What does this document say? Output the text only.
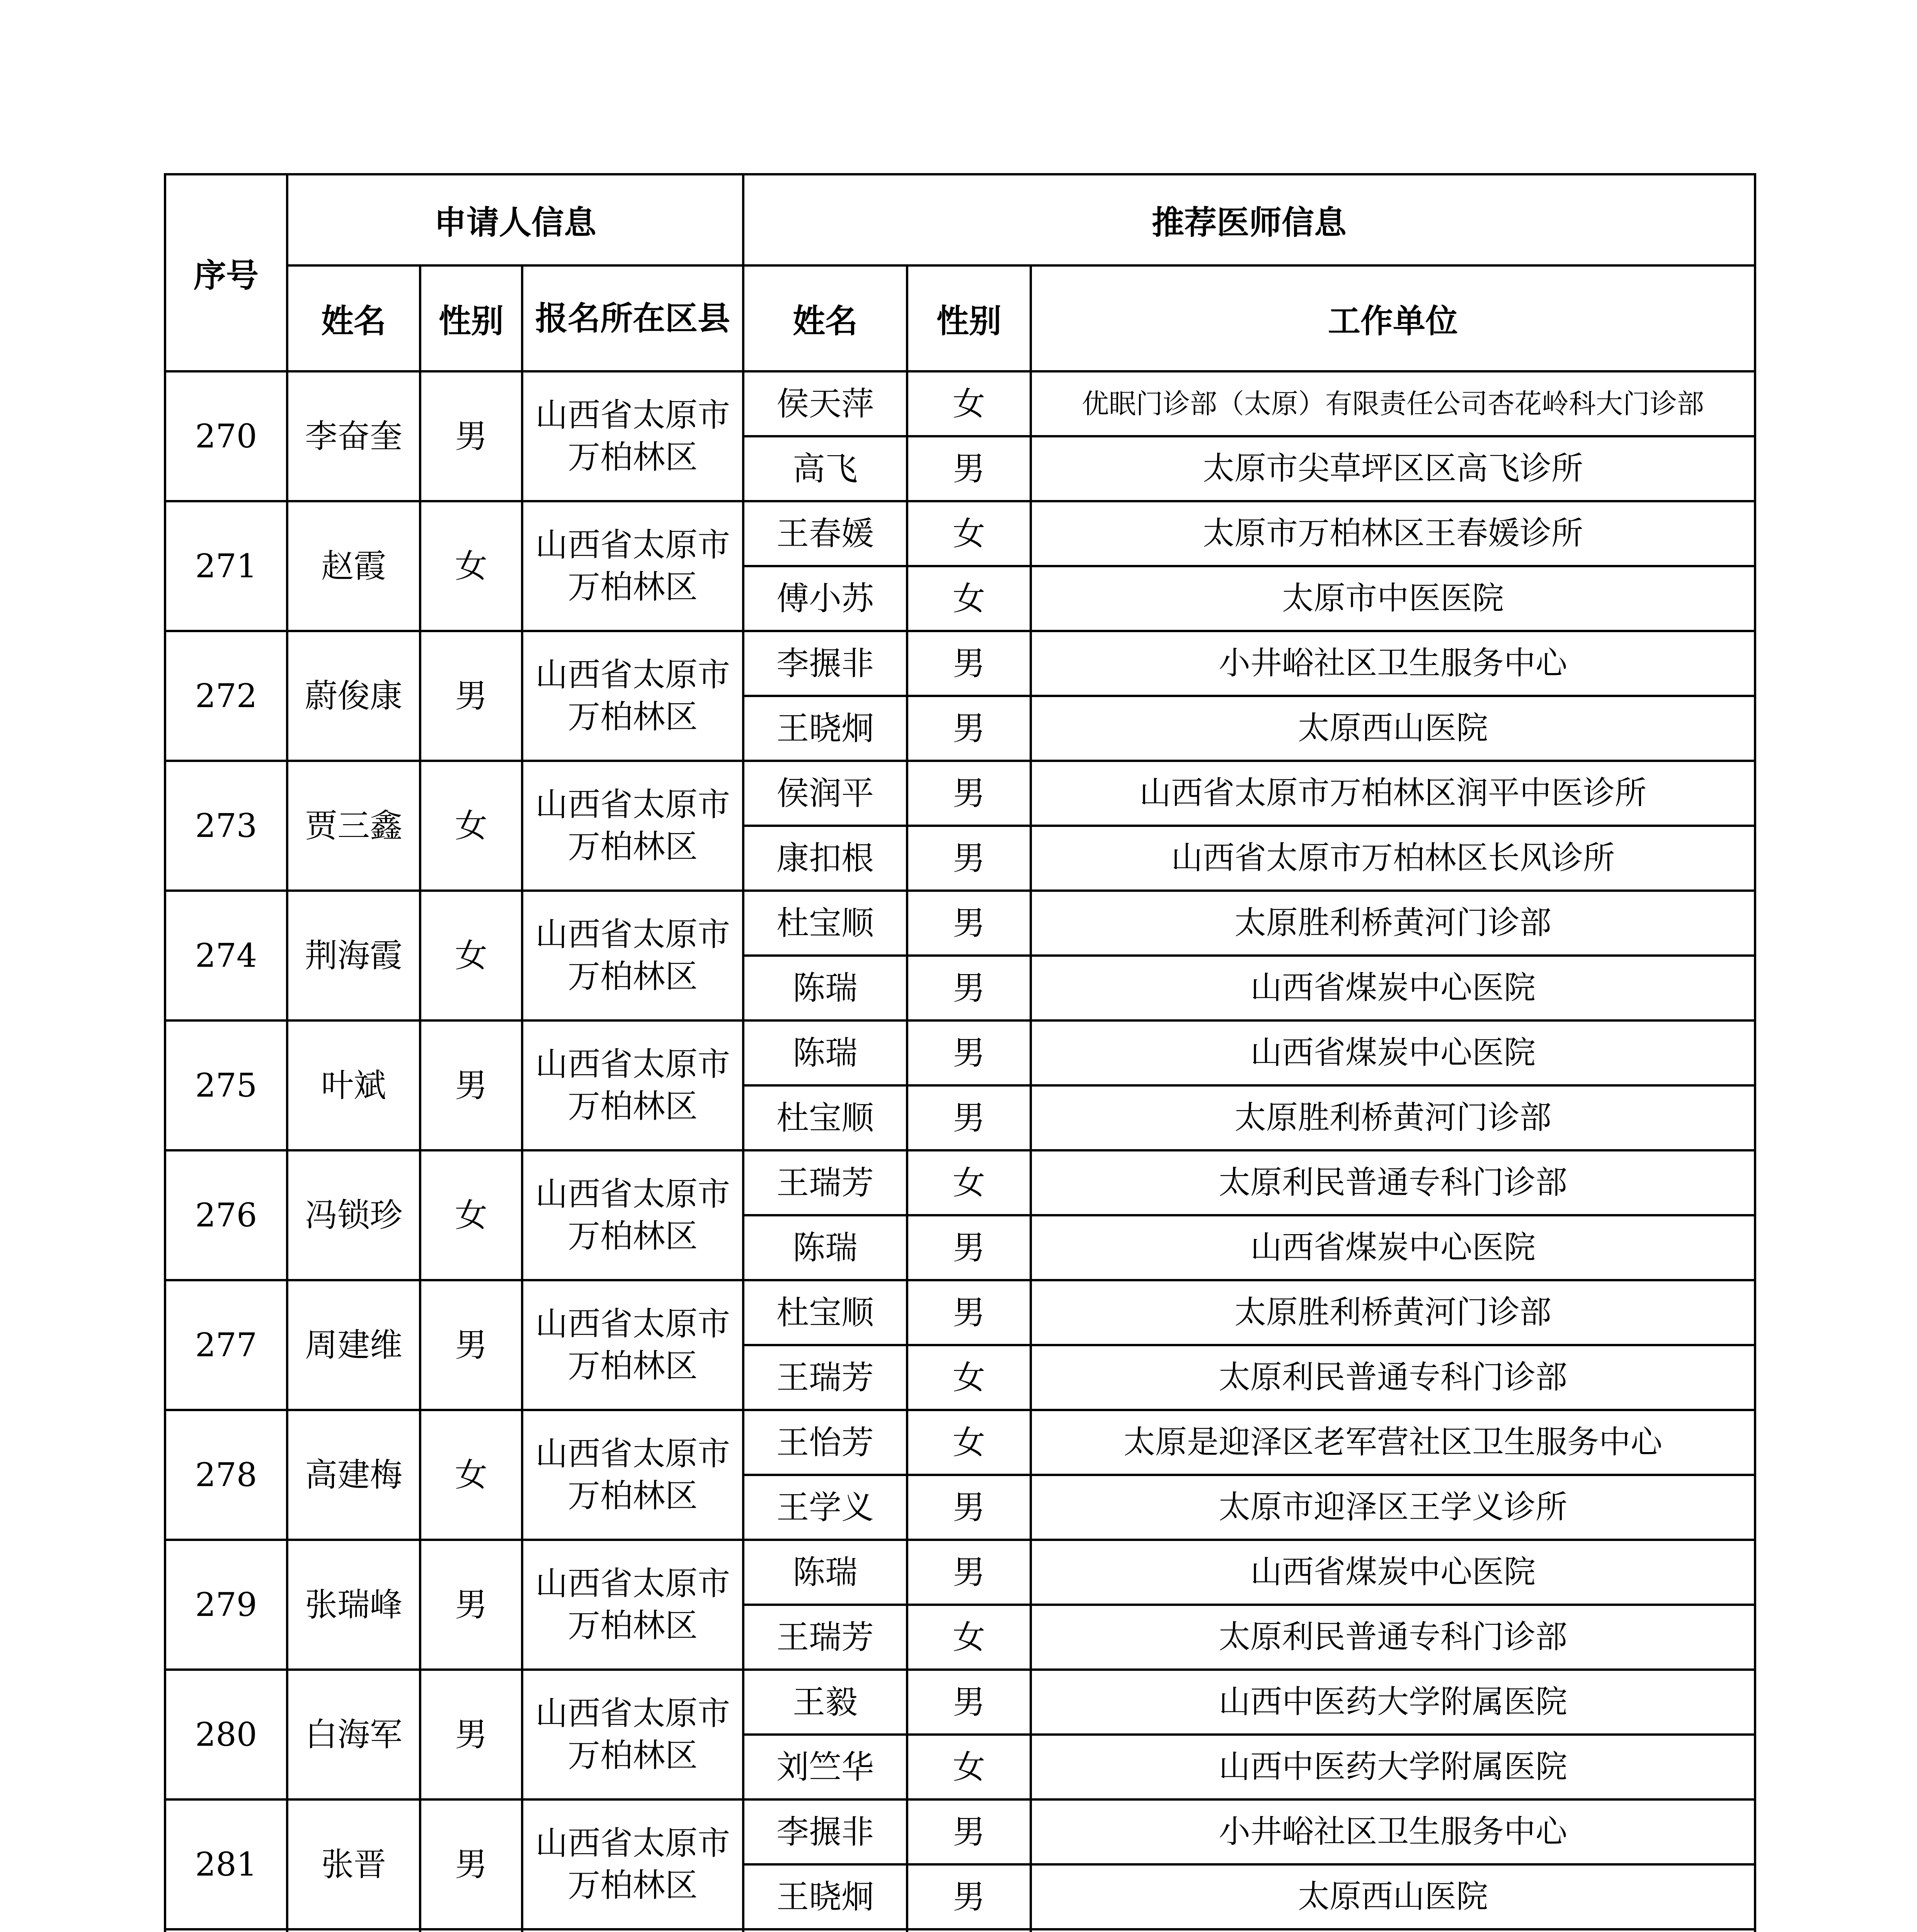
序号	申请人信息			推荐医师信息		
	姓名	性别	报名所在区县	姓名	性别	工作单位
270	李奋奎	男	山西省太原市万柏林区	侯天萍	女	优眠门诊部（太原）有限责任公司杏花岭科大门诊部
				高飞	男	太原市尖草坪区区高飞诊所
271	赵霞	女	山西省太原市万柏林区	王春媛	女	太原市万柏林区王春媛诊所
				傅小苏	女	太原市中医医院
272	蔚俊康	男	山西省太原市万柏林区	李搌非	男	小井峪社区卫生服务中心
				王晓炯	男	太原西山医院
273	贾三鑫	女	山西省太原市万柏林区	侯润平	男	山西省太原市万柏林区润平中医诊所
				康扣根	男	山西省太原市万柏林区长风诊所
274	荆海霞	女	山西省太原市万柏林区	杜宝顺	男	太原胜利桥黄河门诊部
				陈瑞	男	山西省煤炭中心医院
275	叶斌	男	山西省太原市万柏林区	陈瑞	男	山西省煤炭中心医院
				杜宝顺	男	太原胜利桥黄河门诊部
276	冯锁珍	女	山西省太原市万柏林区	王瑞芳	女	太原利民普通专科门诊部
				陈瑞	男	山西省煤炭中心医院
277	周建维	男	山西省太原市万柏林区	杜宝顺	男	太原胜利桥黄河门诊部
				王瑞芳	女	太原利民普通专科门诊部
278	高建梅	女	山西省太原市万柏林区	王怡芳	女	太原是迎泽区老军营社区卫生服务中心
				王学义	男	太原市迎泽区王学义诊所
279	张瑞峰	男	山西省太原市万柏林区	陈瑞	男	山西省煤炭中心医院
				王瑞芳	女	太原利民普通专科门诊部
280	白海军	男	山西省太原市万柏林区	王毅	男	山西中医药大学附属医院
				刘竺华	女	山西中医药大学附属医院
281	张晋	男	山西省太原市万柏林区	李搌非	男	小井峪社区卫生服务中心
				王晓炯	男	太原西山医院
